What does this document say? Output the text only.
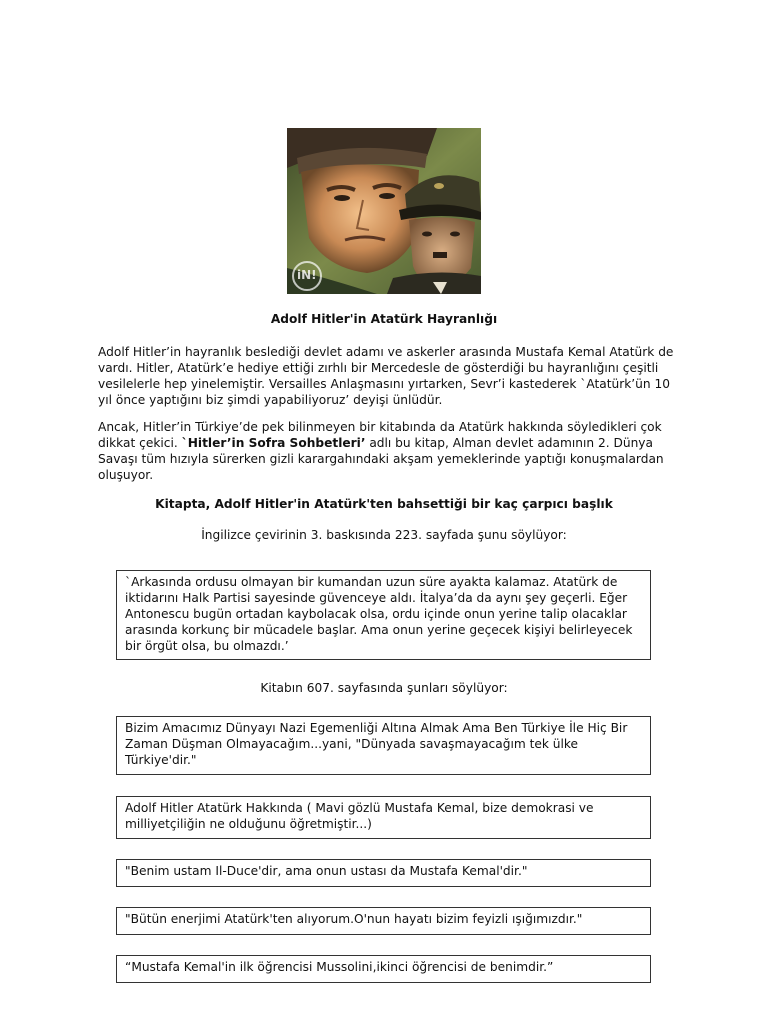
iN!
Adolf Hitler'in Atatürk Hayranlığı

Adolf Hitler’in hayranlık beslediği devlet adamı ve askerler arasında Mustafa Kemal Atatürk de vardı. Hitler, Atatürk’e hediye ettiği zırhlı bir Mercedesle de gösterdiği bu hayranlığını çeşitli vesilelerle hep yinelemiştir. Versailles Anlaşmasını yırtarken, Sevr’i kastederek `Atatürk’ün 10 yıl önce yaptığını biz şimdi yapabiliyoruz’ deyişi ünlüdür.

Ancak, Hitler’in Türkiye’de pek bilinmeyen bir kitabında da Atatürk hakkında söyledikleri çok dikkat çekici. `Hitler’in Sofra Sohbetleri’ adlı bu kitap, Alman devlet adamının 2. Dünya Savaşı tüm hızıyla sürerken gizli karargahındaki akşam yemeklerinde yaptığı konuşmalardan oluşuyor.

Kitapta, Adolf Hitler'in Atatürk'ten bahsettiği bir kaç çarpıcı başlık

İngilizce çevirinin 3. baskısında 223. sayfada şunu söylüyor:

`Arkasında ordusu olmayan bir kumandan uzun süre ayakta kalamaz. Atatürk de iktidarını Halk Partisi sayesinde güvenceye aldı. İtalya’da da aynı şey geçerli. Eğer Antonescu bugün ortadan kaybolacak olsa, ordu içinde onun yerine talip olacaklar arasında korkunç bir mücadele başlar. Ama onun yerine geçecek kişiyi belirleyecek bir örgüt olsa, bu olmazdı.’

Kitabın 607. sayfasında şunları söylüyor:

Bizim Amacımız Dünyayı Nazi Egemenliği Altına Almak Ama Ben Türkiye İle Hiç Bir Zaman Düşman Olmayacağım...yani, "Dünyada savaşmayacağım tek ülke Türkiye'dir."
Adolf Hitler Atatürk Hakkında ( Mavi gözlü Mustafa Kemal, bize demokrasi ve milliyetçiliğin ne olduğunu öğretmiştir...)
"Benim ustam Il-Duce'dir, ama onun ustası da Mustafa Kemal'dir."
"Bütün enerjimi Atatürk'ten alıyorum.O'nun hayatı bizim feyizli ışığımızdır."
“Mustafa Kemal'in ilk öğrencisi Mussolini,ikinci öğrencisi de benimdir.”
